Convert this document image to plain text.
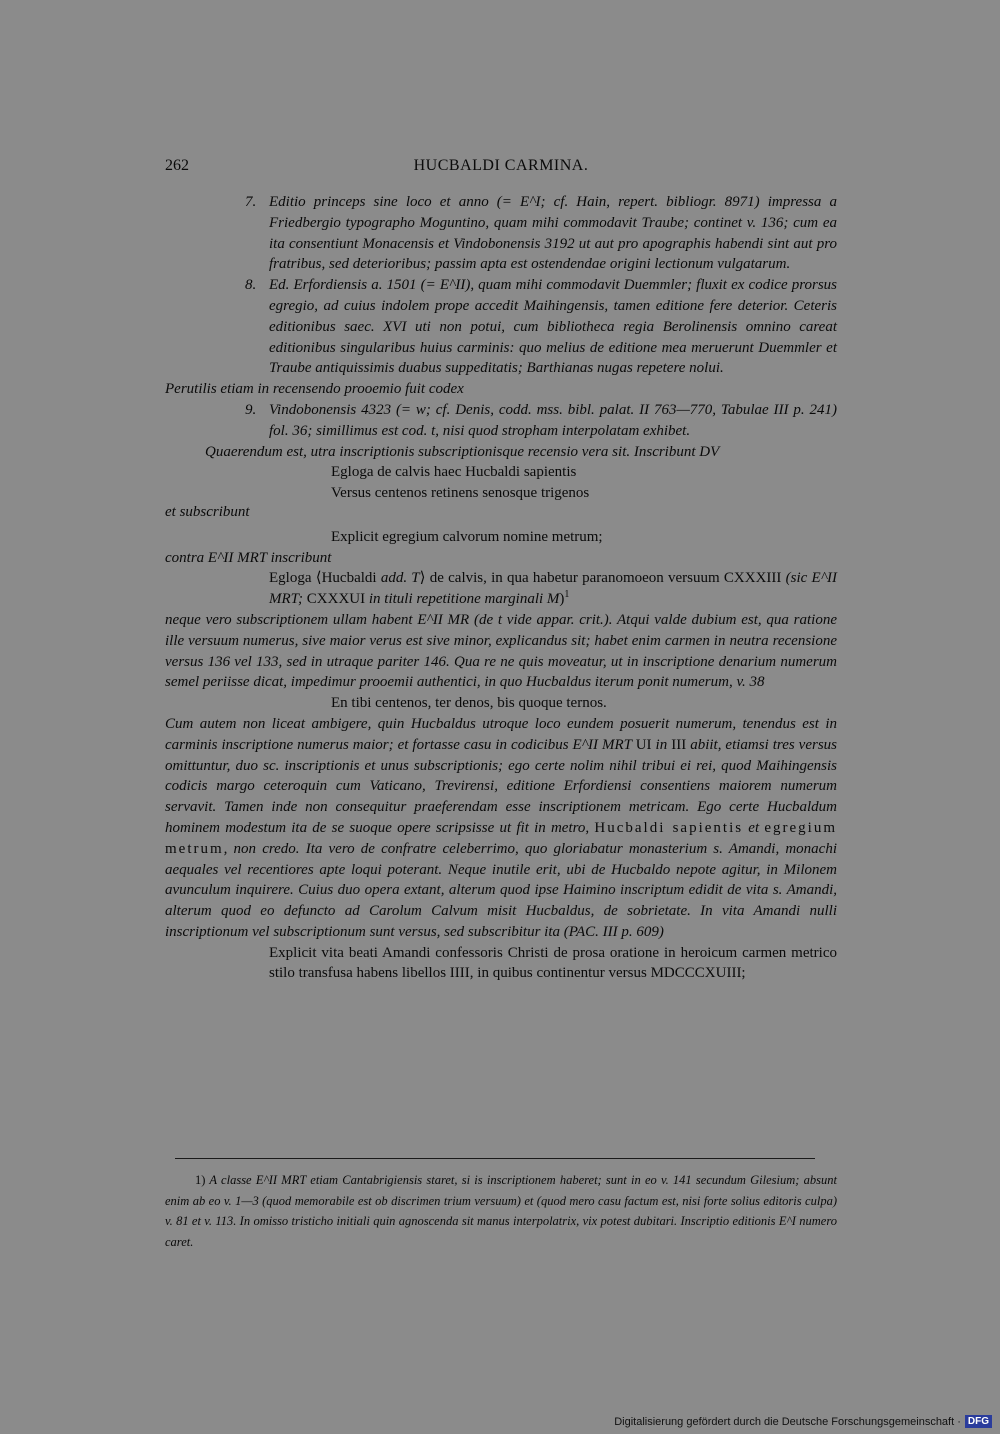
262	HUCBALDI CARMINA.

7. Editio princeps sine loco et anno (= E^I; cf. Hain, repert. bibliogr. 8971) impressa a Friedbergio typographo Moguntino, quam mihi commodavit Traube; continet v. 136; cum ea ita consentiunt Monacensis et Vindobonensis 3192 ut aut pro apographis habendi sint aut pro fratribus, sed deterioribus; passim apta est ostendendae origini lectionum vulgatarum.

8. Ed. Erfordiensis a. 1501 (= E^II), quam mihi commodavit Duemmler; fluxit ex codice prorsus egregio, ad cuius indolem prope accedit Maihingensis, tamen editione fere deterior. Ceteris editionibus saec. XVI uti non potui, cum bibliotheca regia Berolinensis omnino careat editionibus singularibus huius carminis: quo melius de editione mea meruerunt Duemmler et Traube antiquissimis duabus suppeditatis; Barthianas nugas repetere nolui.

Perutilis etiam in recensendo prooemio fuit codex

9. Vindobonensis 4323 (= w; cf. Denis, codd. mss. bibl. palat. II 763—770, Tabulae III p. 241) fol. 36; simillimus est cod. t, nisi quod stropham interpolatam exhibet.

Quaerendum est, utra inscriptionis subscriptionisque recensio vera sit. Inscribunt DV

Egloga de calvis haec Hucbaldi sapientis

Versus centenos retinens senosque trigenos

et subscribunt

Explicit egregium calvorum nomine metrum;

contra E^II MRT inscribunt

Egloga ⟨Hucbaldi add. T⟩ de calvis, in qua habetur paranomoeon versuum CXXXIII (sic E^II MRT; CXXXUI in tituli repetitione marginali M)$^1$

neque vero subscriptionem ullam habent E^II MR (de t vide appar. crit.). Atqui valde dubium est, qua ratione ille versuum numerus, sive maior verus est sive minor, explicandus sit; habet enim carmen in neutra recensione versus 136 vel 133, sed in utraque pariter 146. Qua re ne quis moveatur, ut in inscriptione denarium numerum semel periisse dicat, impedimur prooemii authentici, in quo Hucbaldus iterum ponit numerum, v. 38

En tibi centenos, ter denos, bis quoque ternos.

Cum autem non liceat ambigere, quin Hucbaldus utroque loco eundem posuerit numerum, tenendus est in carminis inscriptione numerus maior; et fortasse casu in codicibus E^II MRT UI in III abiit, etiamsi tres versus omittuntur, duo sc. inscriptionis et unus subscriptionis; ego certe nolim nihil tribui ei rei, quod Maihingensis codicis margo ceteroquin cum Vaticano, Trevirensi, editione Erfordiensi consentiens maiorem numerum servavit. Tamen inde non consequitur praeferendam esse inscriptionem metricam. Ego certe Hucbaldum hominem modestum ita de se suoque opere scripsisse ut fit in metro, Hucbaldi sapientis et egregium metrum, non credo. Ita vero de confratre celeberrimo, quo gloriabatur monasterium s. Amandi, monachi aequales vel recentiores apte loqui poterant. Neque inutile erit, ubi de Hucbaldo nepote agitur, in Milonem avunculum inquirere. Cuius duo opera extant, alterum quod ipse Haimino inscriptum edidit de vita s. Amandi, alterum quod eo defuncto ad Carolum Calvum misit Hucbaldus, de sobrietate. In vita Amandi nulli inscriptionum vel subscriptionum sunt versus, sed subscribitur ita (PAC. III p. 609)

Explicit vita beati Amandi confessoris Christi de prosa oratione in heroicum carmen metrico stilo transfusa habens libellos IIII, in quibus continentur versus MDCCCXUIII;

1) A classe E^II MRT etiam Cantabrigiensis staret, si is inscriptionem haberet; sunt in eo v. 141 secundum Gilesium; absunt enim ab eo v. 1—3 (quod memorabile est ob discrimen trium versuum) et (quod mero casu factum est, nisi forte solius editoris culpa) v. 81 et v. 113. In omisso tristicho initiali quin agnoscenda sit manus interpolatrix, vix potest dubitari. Inscriptio editionis E^I numero caret.
Digitalisierung gefördert durch die Deutsche Forschungsgemeinschaft · DFG
